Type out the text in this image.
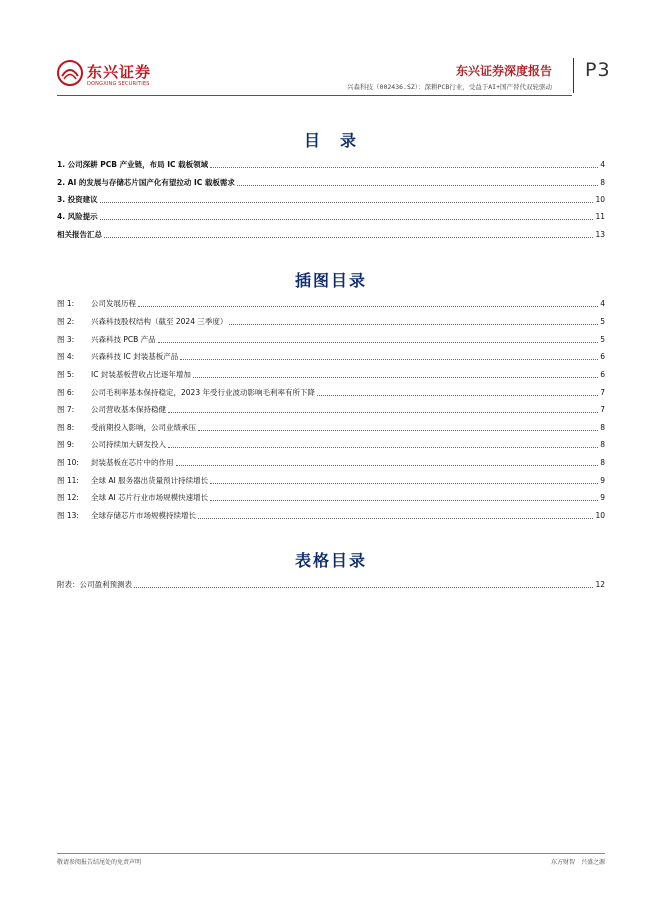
东兴证券
DONGXING SECURITIES
东兴证券深度报告 P3
兴森科技（002436.SZ）：深耕PCB行业，受益于AI+国产替代双轮驱动
目　录
1. 公司深耕 PCB 产业链，布局 IC 载板领域	4
2. AI 的发展与存储芯片国产化有望拉动 IC 载板需求	8
3. 投资建议	10
4. 风险提示	11
相关报告汇总	13
插图目录
图 1:	公司发展历程	4
图 2:	兴森科技股权结构（截至 2024 三季度）	5
图 3:	兴森科技 PCB 产品	5
图 4:	兴森科技 IC 封装基板产品	6
图 5:	IC 封装基板营收占比逐年增加	6
图 6:	公司毛利率基本保持稳定，2023 年受行业波动影响毛利率有所下降	7
图 7:	公司营收基本保持稳健	7
图 8:	受前期投入影响，公司业绩承压	8
图 9:	公司持续加大研发投入	8
图 10:	封装基板在芯片中的作用	8
图 11:	全球 AI 服务器出货量预计持续增长	9
图 12:	全球 AI 芯片行业市场规模快速增长	9
图 13:	全球存储芯片市场规模持续增长	10
表格目录
附表：公司盈利预测表	12
敬请参阅报告结尾处的免责声明	东方财智　兴盛之源
